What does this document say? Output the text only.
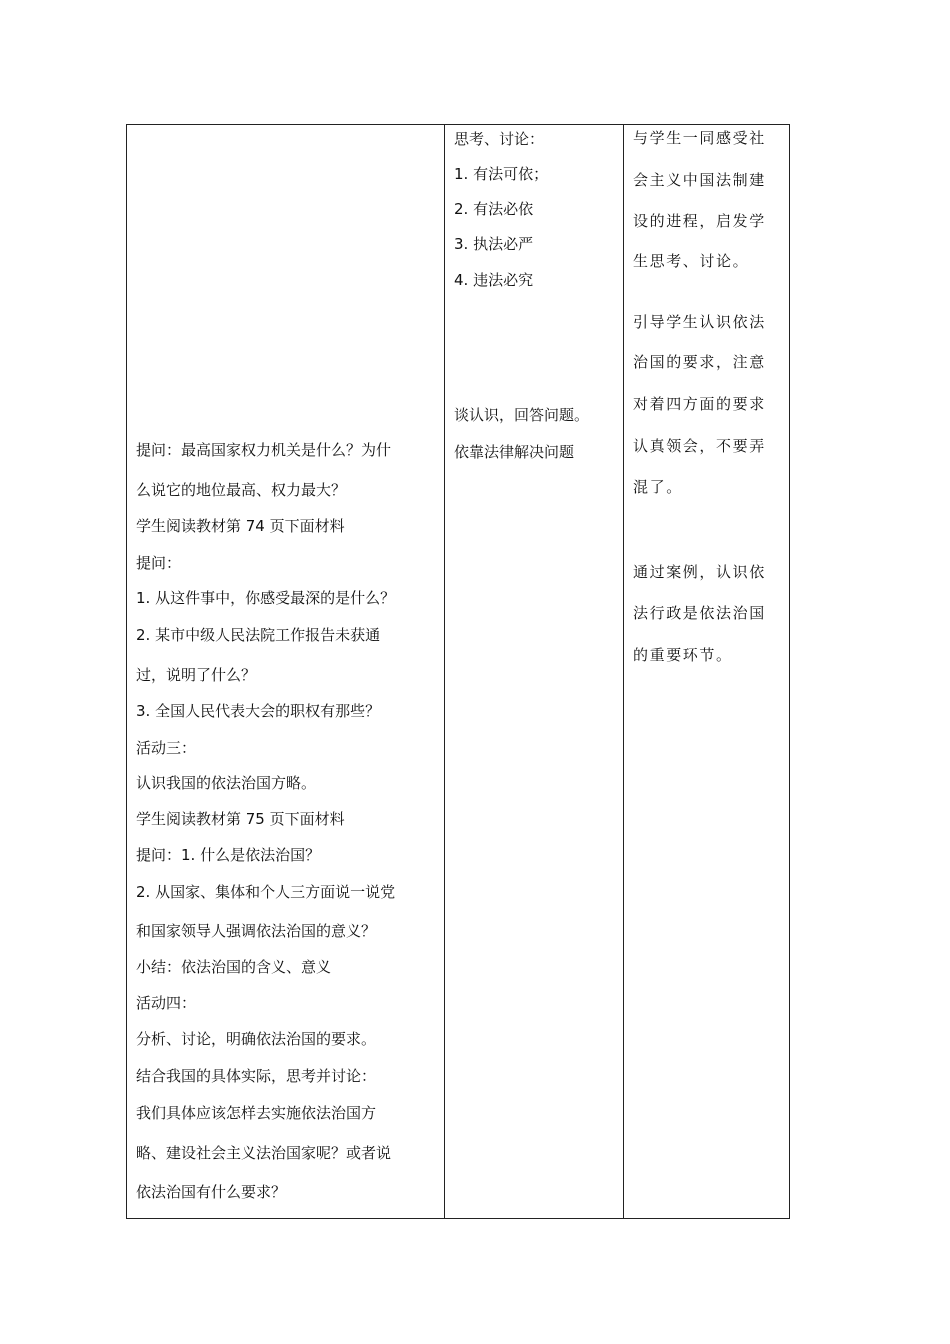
提问：最高国家权力机关是什么？为什
么说它的地位最高、权力最大？
学生阅读教材第 74 页下面材料
提问：
1. 从这件事中，你感受最深的是什么？
2. 某市中级人民法院工作报告未获通
过，说明了什么？
3. 全国人民代表大会的职权有那些？
活动三：
认识我国的依法治国方略。
学生阅读教材第 75 页下面材料
提问：1. 什么是依法治国？
2. 从国家、集体和个人三方面说一说党
和国家领导人强调依法治国的意义？
小结：依法治国的含义、意义
活动四：
分析、讨论，明确依法治国的要求。
结合我国的具体实际，思考并讨论：
我们具体应该怎样去实施依法治国方
略、建设社会主义法治国家呢？或者说
依法治国有什么要求？
思考、讨论：
1. 有法可依；
2. 有法必依
3. 执法必严
4. 违法必究
谈认识，回答问题。
依靠法律解决问题
与学生一同感受社
会主义中国法制建
设的进程，启发学
生思考、讨论。
引导学生认识依法
治国的要求，注意
对着四方面的要求
认真领会，不要弄
混了。
通过案例，认识依
法行政是依法治国
的重要环节。
